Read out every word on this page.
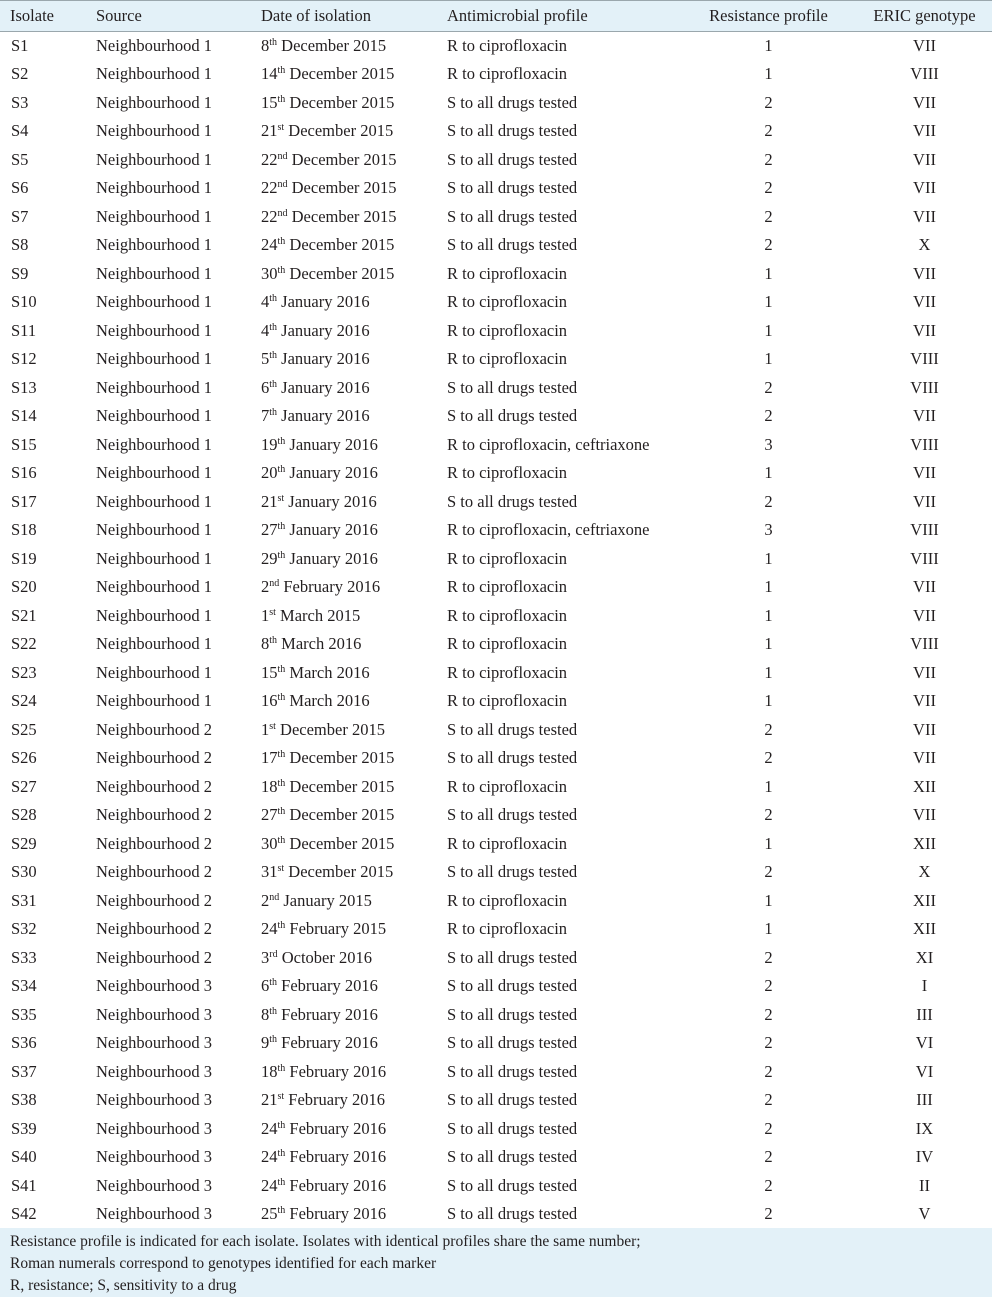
Isolate	Source	Date of isolation	Antimicrobial profile	Resistance profile	ERIC genotype
S1	Neighbourhood 1	8th December 2015	R to ciprofloxacin	1	VII
S2	Neighbourhood 1	14th December 2015	R to ciprofloxacin	1	VIII
S3	Neighbourhood 1	15th December 2015	S to all drugs tested	2	VII
S4	Neighbourhood 1	21st December 2015	S to all drugs tested	2	VII
S5	Neighbourhood 1	22nd December 2015	S to all drugs tested	2	VII
S6	Neighbourhood 1	22nd December 2015	S to all drugs tested	2	VII
S7	Neighbourhood 1	22nd December 2015	S to all drugs tested	2	VII
S8	Neighbourhood 1	24th December 2015	S to all drugs tested	2	X
S9	Neighbourhood 1	30th December 2015	R to ciprofloxacin	1	VII
S10	Neighbourhood 1	4th January 2016	R to ciprofloxacin	1	VII
S11	Neighbourhood 1	4th January 2016	R to ciprofloxacin	1	VII
S12	Neighbourhood 1	5th January 2016	R to ciprofloxacin	1	VIII
S13	Neighbourhood 1	6th January 2016	S to all drugs tested	2	VIII
S14	Neighbourhood 1	7th January 2016	S to all drugs tested	2	VII
S15	Neighbourhood 1	19th January 2016	R to ciprofloxacin, ceftriaxone	3	VIII
S16	Neighbourhood 1	20th January 2016	R to ciprofloxacin	1	VII
S17	Neighbourhood 1	21st January 2016	S to all drugs tested	2	VII
S18	Neighbourhood 1	27th January 2016	R to ciprofloxacin, ceftriaxone	3	VIII
S19	Neighbourhood 1	29th January 2016	R to ciprofloxacin	1	VIII
S20	Neighbourhood 1	2nd February 2016	R to ciprofloxacin	1	VII
S21	Neighbourhood 1	1st March 2015	R to ciprofloxacin	1	VII
S22	Neighbourhood 1	8th March 2016	R to ciprofloxacin	1	VIII
S23	Neighbourhood 1	15th March 2016	R to ciprofloxacin	1	VII
S24	Neighbourhood 1	16th March 2016	R to ciprofloxacin	1	VII
S25	Neighbourhood 2	1st December 2015	S to all drugs tested	2	VII
S26	Neighbourhood 2	17th December 2015	S to all drugs tested	2	VII
S27	Neighbourhood 2	18th December 2015	R to ciprofloxacin	1	XII
S28	Neighbourhood 2	27th December 2015	S to all drugs tested	2	VII
S29	Neighbourhood 2	30th December 2015	R to ciprofloxacin	1	XII
S30	Neighbourhood 2	31st December 2015	S to all drugs tested	2	X
S31	Neighbourhood 2	2nd January 2015	R to ciprofloxacin	1	XII
S32	Neighbourhood 2	24th February 2015	R to ciprofloxacin	1	XII
S33	Neighbourhood 2	3rd October 2016	S to all drugs tested	2	XI
S34	Neighbourhood 3	6th February 2016	S to all drugs tested	2	I
S35	Neighbourhood 3	8th February 2016	S to all drugs tested	2	III
S36	Neighbourhood 3	9th February 2016	S to all drugs tested	2	VI
S37	Neighbourhood 3	18th February 2016	S to all drugs tested	2	VI
S38	Neighbourhood 3	21st February 2016	S to all drugs tested	2	III
S39	Neighbourhood 3	24th February 2016	S to all drugs tested	2	IX
S40	Neighbourhood 3	24th February 2016	S to all drugs tested	2	IV
S41	Neighbourhood 3	24th February 2016	S to all drugs tested	2	II
S42	Neighbourhood 3	25th February 2016	S to all drugs tested	2	V
Resistance profile is indicated for each isolate. Isolates with identical profiles share the same number;
Roman numerals correspond to genotypes identified for each marker
R, resistance; S, sensitivity to a drug
